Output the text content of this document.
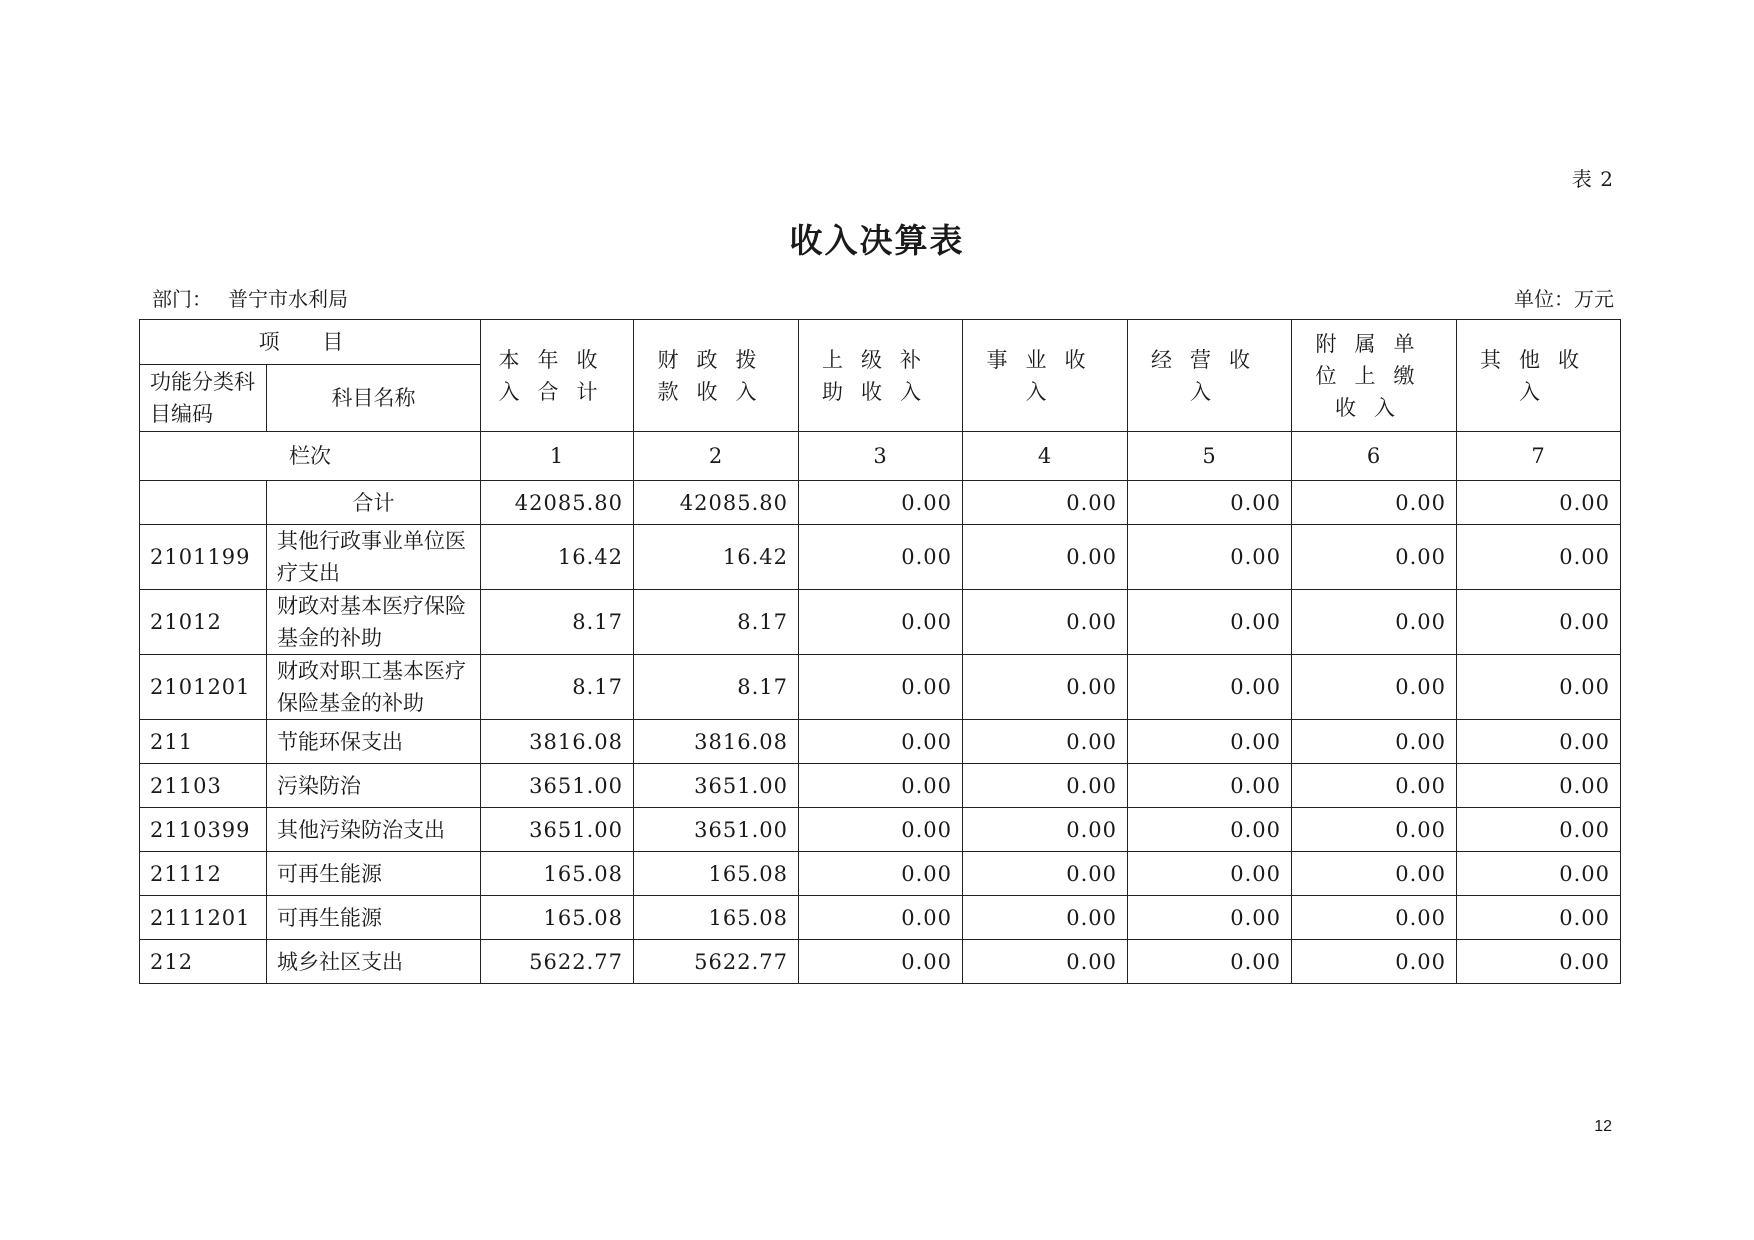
表 2
收入决算表
部门： 普宁市水利局	单位：万元
项 目		本年收入合计	财政拨款收入	上级补助收入	事业收入	经营收入	附属单位上缴收入	其他收入
功能分类科目编码	科目名称							
栏次		1	2	3	4	5	6	7
	合计	42085.80	42085.80	0.00	0.00	0.00	0.00	0.00
2101199	其他行政事业单位医疗支出	16.42	16.42	0.00	0.00	0.00	0.00	0.00
21012	财政对基本医疗保险基金的补助	8.17	8.17	0.00	0.00	0.00	0.00	0.00
2101201	财政对职工基本医疗保险基金的补助	8.17	8.17	0.00	0.00	0.00	0.00	0.00
211	节能环保支出	3816.08	3816.08	0.00	0.00	0.00	0.00	0.00
21103	污染防治	3651.00	3651.00	0.00	0.00	0.00	0.00	0.00
2110399	其他污染防治支出	3651.00	3651.00	0.00	0.00	0.00	0.00	0.00
21112	可再生能源	165.08	165.08	0.00	0.00	0.00	0.00	0.00
2111201	可再生能源	165.08	165.08	0.00	0.00	0.00	0.00	0.00
212	城乡社区支出	5622.77	5622.77	0.00	0.00	0.00	0.00	0.00
12
